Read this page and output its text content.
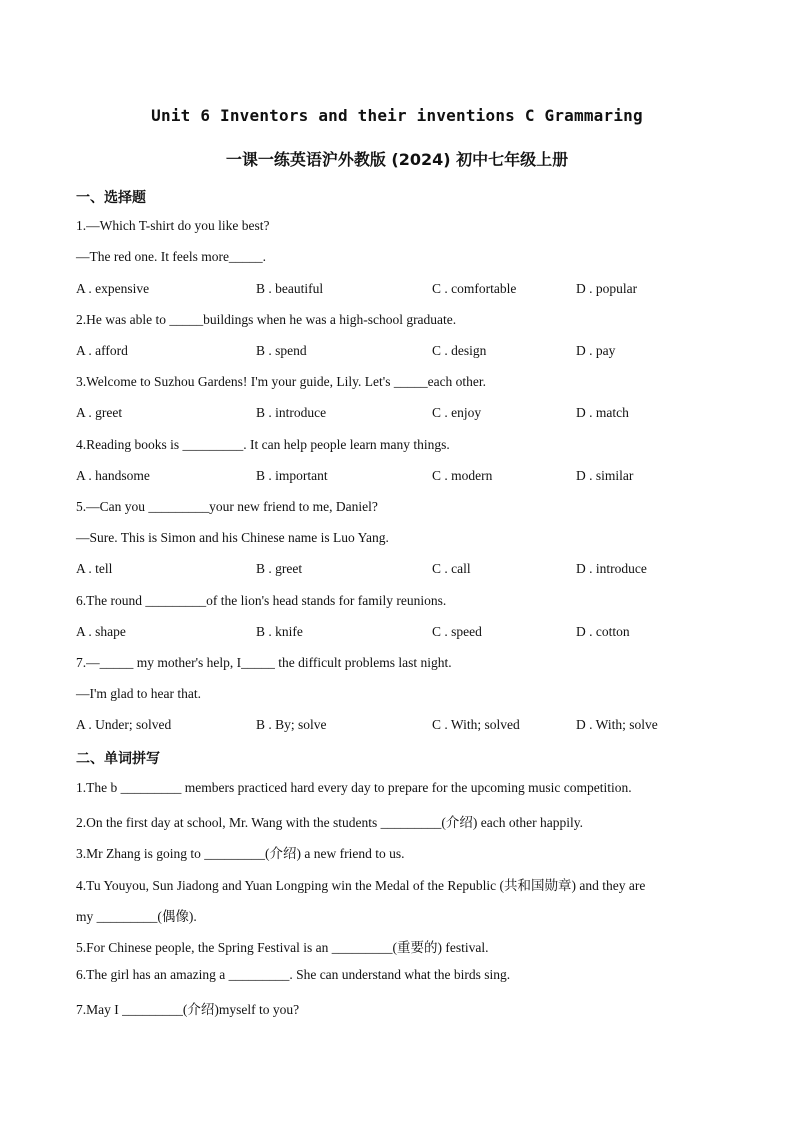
Unit 6 Inventors and their inventions C Grammaring
一课一练英语沪外教版 (2024) 初中七年级上册
一、选择题
1.—Which T-shirt do you like best?
—The red one. It feels more_____.
A . expensive	B . beautiful	C . comfortable	D . popular
2.He was able to _____buildings when he was a high-school graduate.
A . afford	B . spend	C . design	D . pay
3.Welcome to Suzhou Gardens! I'm your guide, Lily. Let's _____each other.
A . greet	B . introduce	C . enjoy	D . match
4.Reading books is _________. It can help people learn many things.
A . handsome	B . important	C . modern	D . similar
5.—Can you _________your new friend to me, Daniel?
—Sure. This is Simon and his Chinese name is Luo Yang.
A . tell	B . greet	C . call	D . introduce
6.The round _________of the lion's head stands for family reunions.
A . shape	B . knife	C . speed	D . cotton
7.—_____ my mother's help, I_____ the difficult problems last night.
—I'm glad to hear that.
A . Under; solved	B . By; solve	C . With; solved	D . With; solve
二、单词拼写
1.The b _________ members practiced hard every day to prepare for the upcoming music competition.
2.On the first day at school, Mr. Wang with the students _________(介绍) each other happily.
3.Mr Zhang is going to _________(介绍) a new friend to us.
4.Tu Youyou, Sun Jiadong and Yuan Longping win the Medal of the Republic (共和国勋章) and they are
my _________(偶像).
5.For Chinese people, the Spring Festival is an _________(重要的) festival.
6.The girl has an amazing a _________. She can understand what the birds sing.
7.May I _________(介绍)myself to you?
